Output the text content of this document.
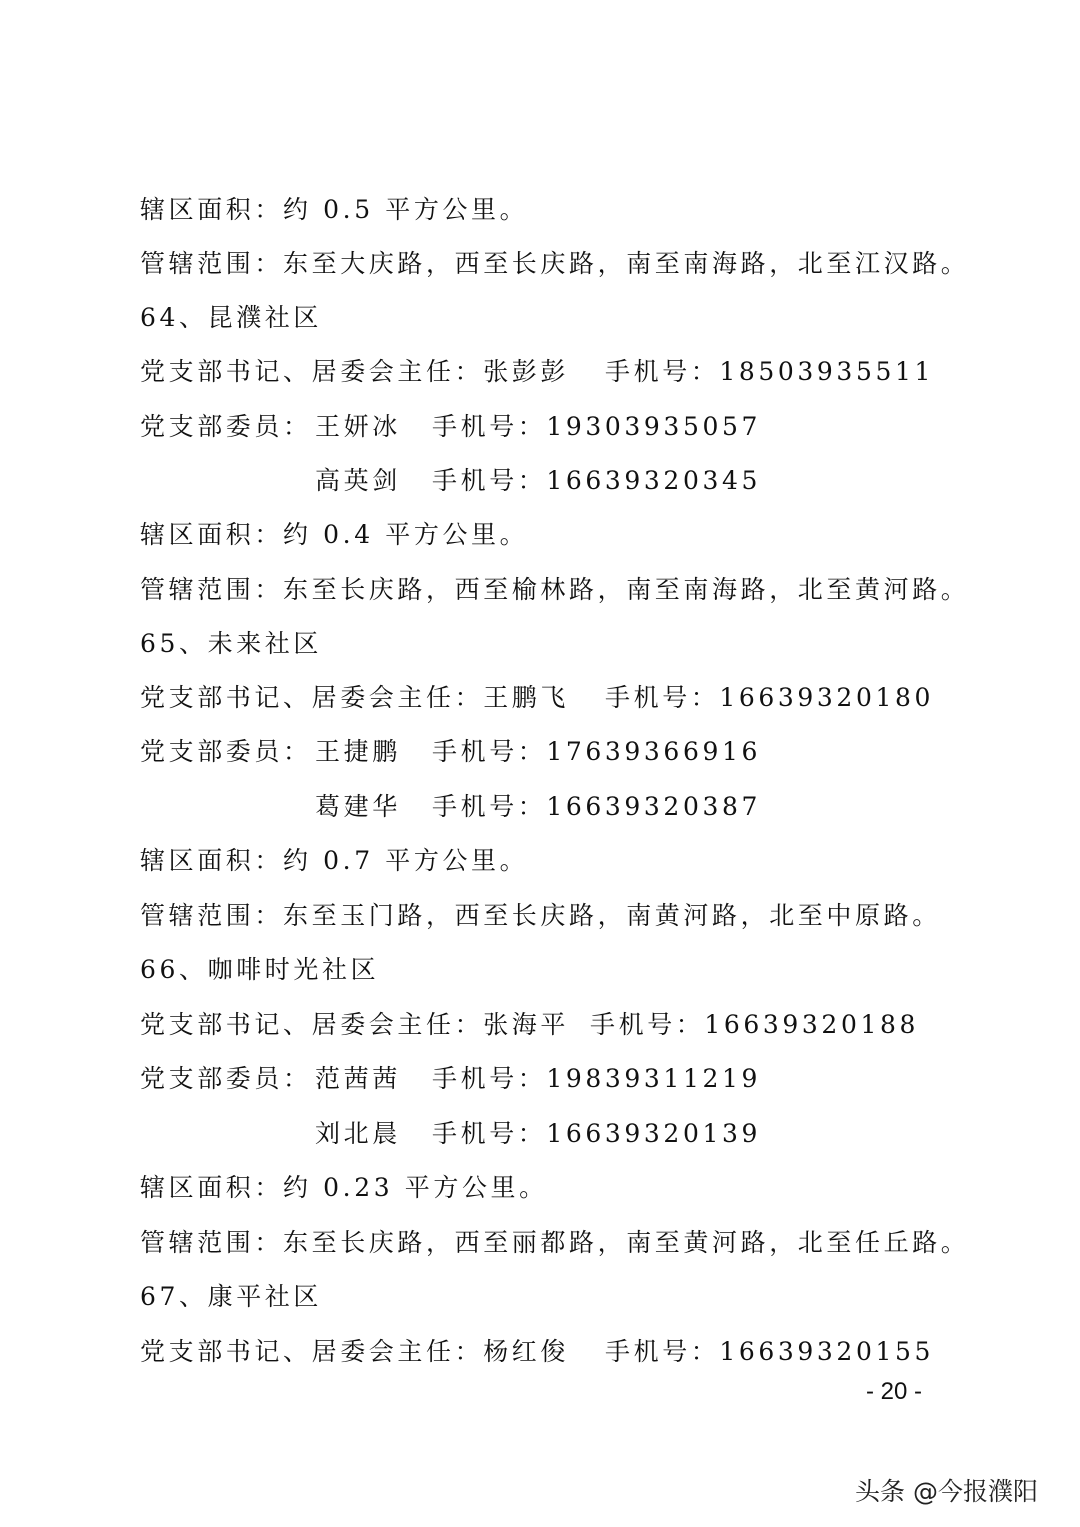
辖区面积：约 0.5 平方公里。
管辖范围：东至大庆路，西至长庆路，南至南海路，北至江汉路。
64、昆濮社区
党支部书记、居委会主任：张彭彭 手机号：18503935511
党支部委员： 王妍冰 手机号：19303935057
高英剑 手机号：16639320345
辖区面积：约 0.4 平方公里。
管辖范围：东至长庆路，西至榆林路，南至南海路，北至黄河路。
65、未来社区
党支部书记、居委会主任：王鹏飞 手机号：16639320180
党支部委员： 王捷鹏 手机号：17639366916
葛建华 手机号：16639320387
辖区面积：约 0.7 平方公里。
管辖范围：东至玉门路，西至长庆路，南黄河路，北至中原路。
66、咖啡时光社区
党支部书记、居委会主任：张海平 手机号：16639320188
党支部委员： 范茜茜 手机号：19839311219
刘北晨 手机号：16639320139
辖区面积：约 0.23 平方公里。
管辖范围：东至长庆路，西至丽都路，南至黄河路，北至任丘路。
67、康平社区
党支部书记、居委会主任：杨红俊 手机号：16639320155
- 20 -
头条 @今报濮阳
